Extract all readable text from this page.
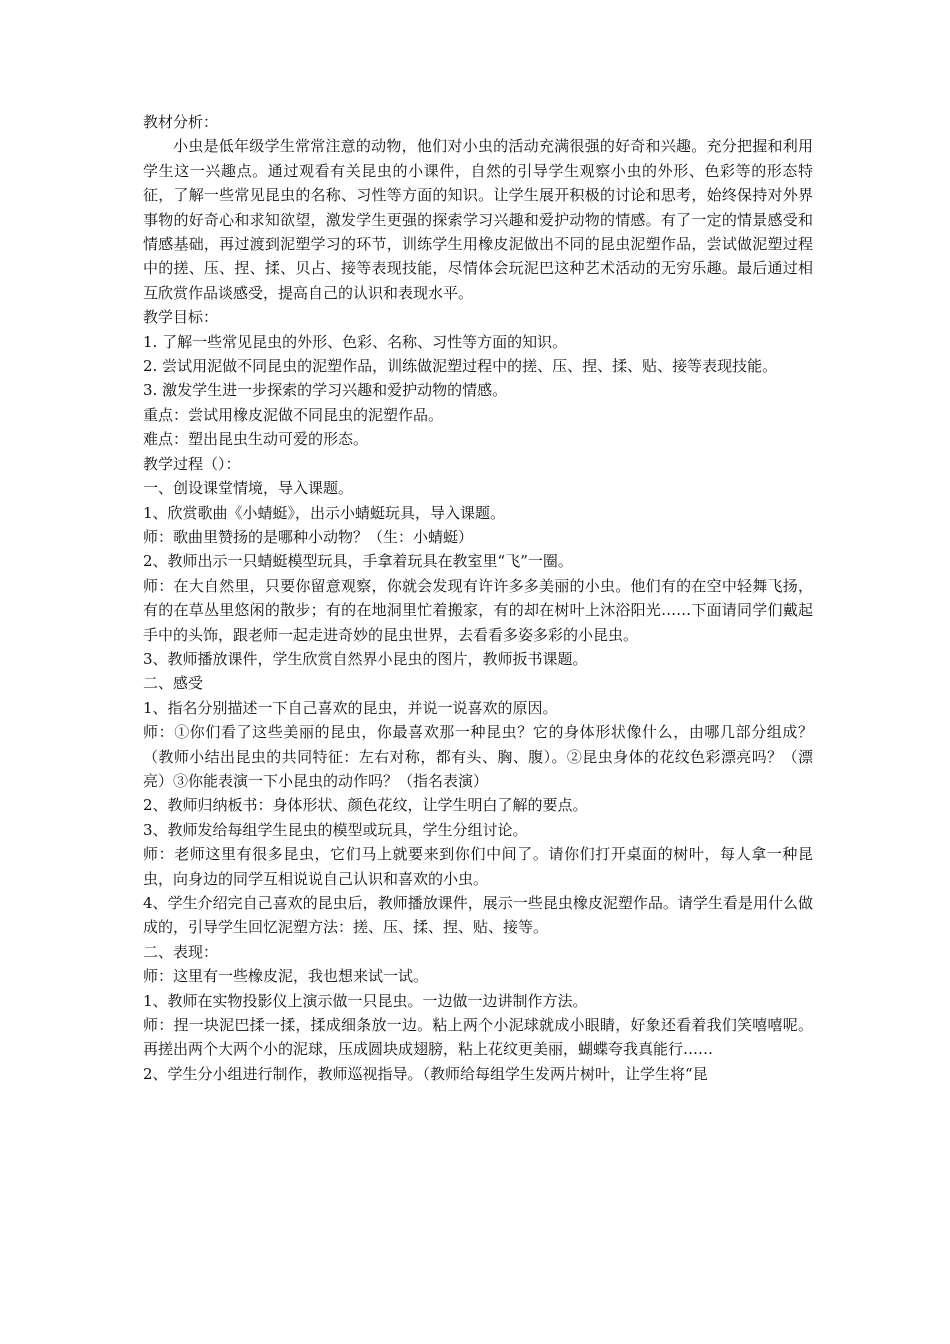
教材分析：

小虫是低年级学生常常注意的动物，他们对小虫的活动充满很强的好奇和兴趣。充分把握和利用学生这一兴趣点。通过观看有关昆虫的小课件，自然的引导学生观察小虫的外形、色彩等的形态特征，了解一些常见昆虫的名称、习性等方面的知识。让学生展开积极的讨论和思考，始终保持对外界事物的好奇心和求知欲望，激发学生更强的探索学习兴趣和爱护动物的情感。有了一定的情景感受和情感基础，再过渡到泥塑学习的环节，训练学生用橡皮泥做出不同的昆虫泥塑作品，尝试做泥塑过程中的搓、压、捏、揉、贝占、接等表现技能，尽情体会玩泥巴这种艺术活动的无穷乐趣。最后通过相互欣赏作品谈感受，提高自己的认识和表现水平。

教学目标：

1. 了解一些常见昆虫的外形、色彩、名称、习性等方面的知识。

2. 尝试用泥做不同昆虫的泥塑作品，训练做泥塑过程中的搓、压、捏、揉、贴、接等表现技能。

3. 激发学生进一步探索的学习兴趣和爱护动物的情感。

重点：尝试用橡皮泥做不同昆虫的泥塑作品。

难点：塑出昆虫生动可爱的形态。

教学过程（）：

一、创设课堂情境，导入课题。

1、欣赏歌曲《小蜻蜓》，出示小蜻蜓玩具，导入课题。

师：歌曲里赞扬的是哪种小动物？（生：小蜻蜓）

2、教师出示一只蜻蜓模型玩具，手拿着玩具在教室里“飞”一圈。

师：在大自然里，只要你留意观察，你就会发现有许许多多美丽的小虫。他们有的在空中轻舞飞扬，有的在草丛里悠闲的散步；有的在地洞里忙着搬家，有的却在树叶上沐浴阳光……下面请同学们戴起手中的头饰，跟老师一起走进奇妙的昆虫世界，去看看多姿多彩的小昆虫。

3、教师播放课件，学生欣赏自然界小昆虫的图片，教师扳书课题。

二、感受

1、指名分别描述一下自己喜欢的昆虫，并说一说喜欢的原因。

师：①你们看了这些美丽的昆虫，你最喜欢那一种昆虫？它的身体形状像什么，由哪几部分组成？（教师小结出昆虫的共同特征：左右对称，都有头、胸、腹）。②昆虫身体的花纹色彩漂亮吗？（漂亮）③你能表演一下小昆虫的动作吗？（指名表演）

2、教师归纳板书：身体形状、颜色花纹，让学生明白了解的要点。

3、教师发给每组学生昆虫的模型或玩具，学生分组讨论。

师：老师这里有很多昆虫，它们马上就要来到你们中间了。请你们打开桌面的树叶，每人拿一种昆虫，向身边的同学互相说说自己认识和喜欢的小虫。

4、学生介绍完自己喜欢的昆虫后，教师播放课件，展示一些昆虫橡皮泥塑作品。请学生看是用什么做成的，引导学生回忆泥塑方法：搓、压、揉、捏、贴、接等。

二、表现：

师：这里有一些橡皮泥，我也想来试一试。

1、教师在实物投影仪上演示做一只昆虫。一边做一边讲制作方法。

师：捏一块泥巴揉一揉，揉成细条放一边。粘上两个小泥球就成小眼睛，好象还看着我们笑嘻嘻呢。再搓出两个大两个小的泥球，压成圆块成翅膀，粘上花纹更美丽，蝴蝶夸我真能行……

2、学生分小组进行制作，教师巡视指导。（教师给每组学生发两片树叶，让学生将“昆
